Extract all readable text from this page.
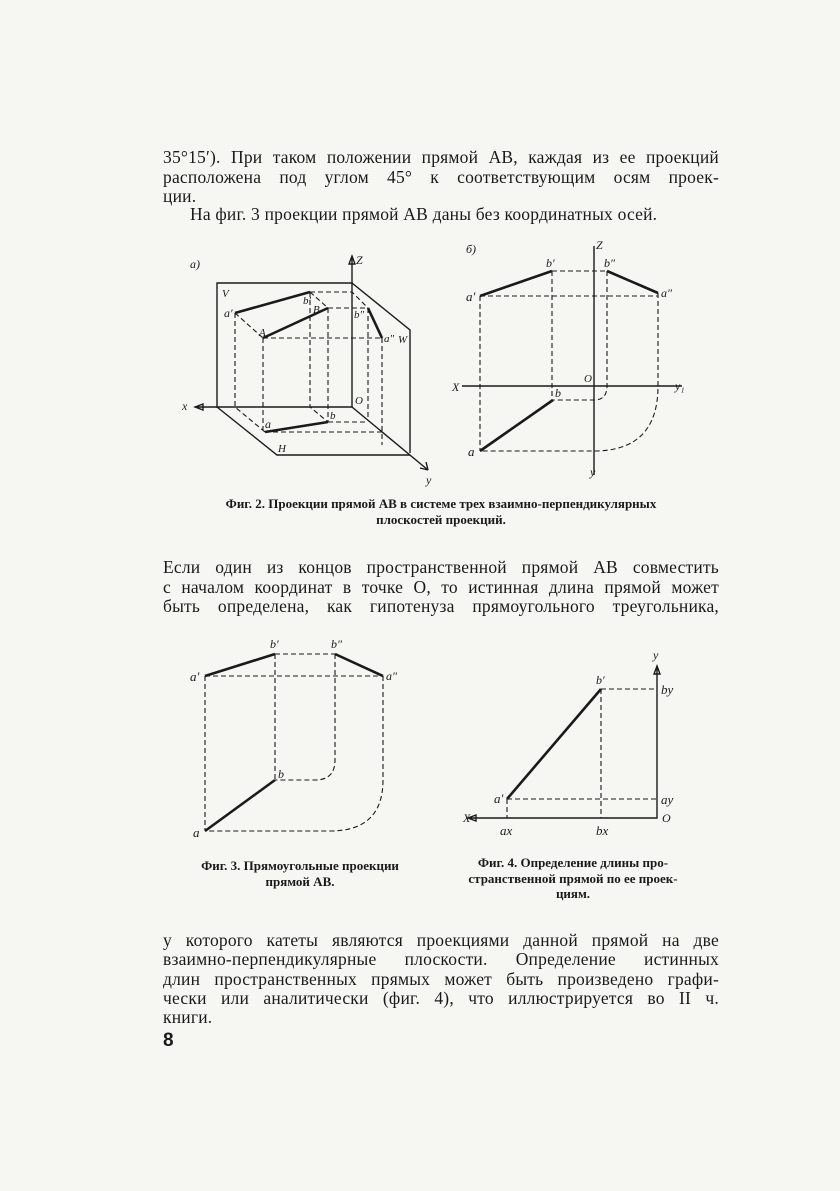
35°15′). При таком положении прямой AB, каждая из ее проекций
расположена под углом 45° к соответствующим осям проек-
ции.
На фиг. 3 проекции прямой AB даны без координатных осей.
a)	Z
V
W
H
x
y
O
a′
b′
A
B	b″
a″
a
b
б)	Z
X	y₁
y
O
a′
b′	b″
a″
b
a
a′
b′	b″
a″
b
a
y
by
ay
O
X
ax	bx
a′
b′
Фиг. 2. Проекции прямой AB в системе трех взаимно-перпендикулярных
плоскостей проекций.
Если один из концов пространственной прямой AB совместить
с началом координат в точке O, то истинная длина прямой может
быть определена, как гипотенуза прямоугольного треугольника,
Фиг. 3. Прямоугольные проекции
прямой АВ.
Фиг. 4. Определение длины про-
странственной прямой по ее проек-
циям.
у которого катеты являются проекциями данной прямой на две
взаимно-перпендикулярные плоскости. Определение истинных
длин пространственных прямых может быть произведено графи-
чески или аналитически (фиг. 4), что иллюстрируется во II ч.
книги.
8
